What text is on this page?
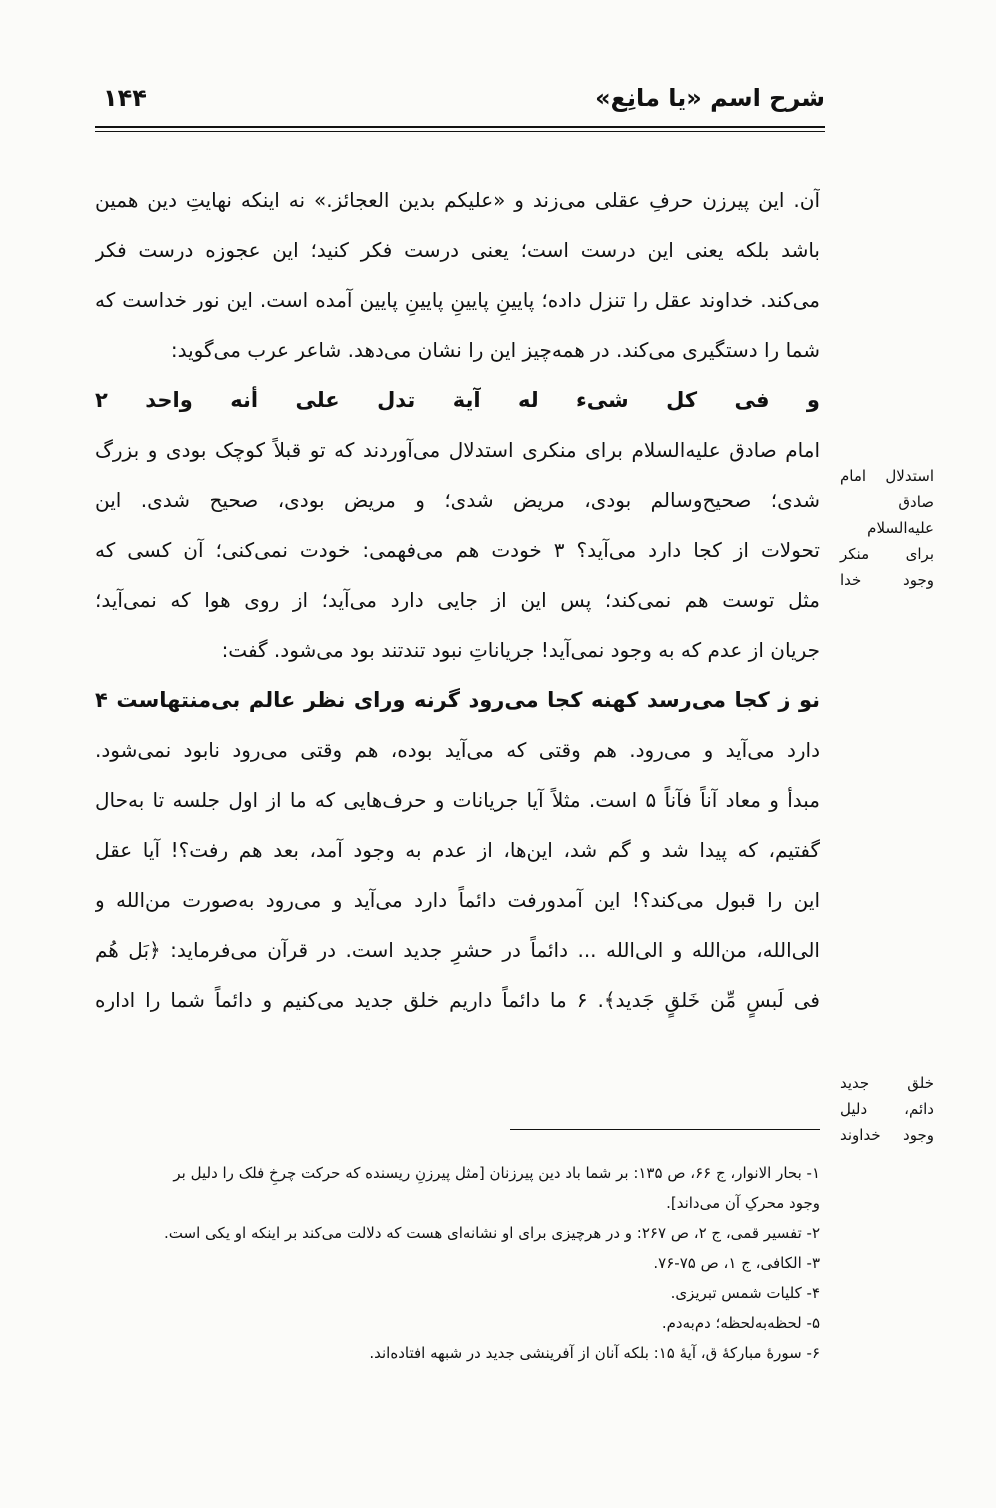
شرح اسم «یا مانِع»
۱۴۴
آن. این پیرزن حرفِ عقلی می‌زند و «علیکم بدین العجائز.» نه اینکه نهایتِ دین همین
باشد بلکه یعنی این درست است؛ یعنی درست فکر کنید؛ این عجوزه درست فکر
می‌کند. خداوند عقل را تنزل داده؛ پایینِ پایینِ پایینِ پایین آمده است. این نور خداست که
شما را دستگیری می‌کند. در همه‌چیز این را نشان می‌دهد. شاعر عرب می‌گوید:
و فی کل شیء له آیة تدل علی أنه واحد ۲
امام صادق علیه‌السلام برای منکری استدلال می‌آوردند که تو قبلاً کوچک بودی و بزرگ
شدی؛ صحیح‌وسالم بودی، مریض شدی؛ و مریض بودی، صحیح شدی. این
تحولات از کجا دارد می‌آید؟ ۳ خودت هم می‌فهمی: خودت نمی‌کنی؛ آن کسی که
مثل توست هم نمی‌کند؛ پس این از جایی دارد می‌آید؛ از روی هوا که نمی‌آید؛
جریان از عدم که به وجود نمی‌آید! جریاناتِ نبود تندتند بود می‌شود. گفت:
نو ز کجا می‌رسد کهنه کجا می‌رود گرنه ورای نظر عالم بی‌منتهاست ۴
دارد می‌آید و می‌رود. هم وقتی که می‌آید بوده، هم وقتی می‌رود نابود نمی‌شود.
مبدأ و معاد آناً فآناً ۵ است. مثلاً آیا جریانات و حرف‌هایی که ما از اول جلسه تا به‌حال
گفتیم، که پیدا شد و گم شد، این‌ها، از عدم به وجود آمد، بعد هم رفت؟! آیا عقل
این را قبول می‌کند؟! این آمدورفت دائماً دارد می‌آید و می‌رود به‌صورت من‌الله و
الی‌الله، من‌الله و الی‌الله ... دائماً در حشرِ جدید است. در قرآن می‌فرماید: ﴿بَل هُم
فی لَبسٍ مِّن خَلقٍ جَدید﴾. ۶ ما دائماً داریم خلق جدید می‌کنیم و دائماً شما را اداره
استدلال امام صادق علیه‌السلام برای منکر وجود خدا
خلق جدید دائم، دلیل وجود خداوند
۱- بحار الانوار، ج ۶۶، ص ۱۳۵: بر شما باد دین پیرزنان [مثل پیرزنِ ریسنده که حرکت چرخِ فلک را دلیل بر
وجود محرکِ آن می‌داند].
۲- تفسیر قمی، ج ۲، ص ۲۶۷: و در هرچیزی برای او نشانه‌ای هست که دلالت می‌کند بر اینکه او یکی است.
۳- الکافی، ج ۱، ص ۷۵-۷۶.
۴- کلیات شمس تبریزی.
۵- لحظه‌به‌لحظه؛ دم‌به‌دم.
۶- سورهٔ مبارکهٔ ق، آیهٔ ۱۵: بلکه آنان از آفرینشی جدید در شبهه افتاده‌اند.
